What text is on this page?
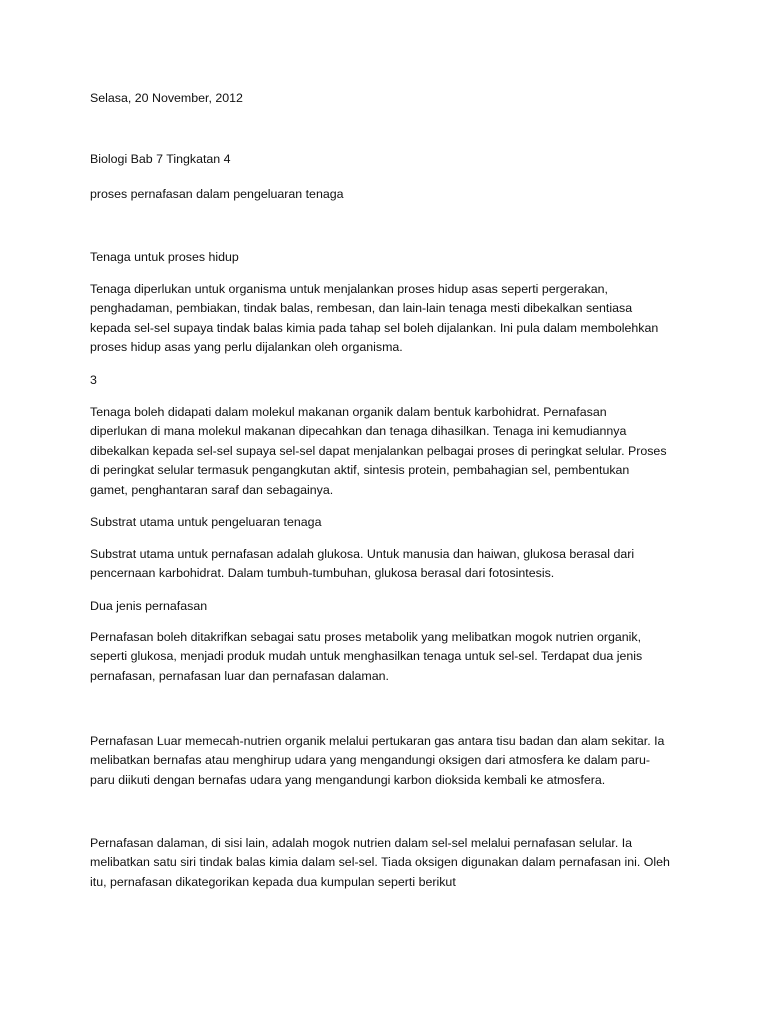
Selasa, 20 November, 2012

Biologi Bab 7 Tingkatan 4

proses pernafasan dalam pengeluaran tenaga

Tenaga untuk proses hidup

Tenaga diperlukan untuk organisma untuk menjalankan proses hidup asas seperti pergerakan,
penghadaman, pembiakan, tindak balas, rembesan, dan lain-lain tenaga mesti dibekalkan sentiasa
kepada sel-sel supaya tindak balas kimia pada tahap sel boleh dijalankan. Ini pula dalam membolehkan
proses hidup asas yang perlu dijalankan oleh organisma.

3

Tenaga boleh didapati dalam molekul makanan organik dalam bentuk karbohidrat. Pernafasan
diperlukan di mana molekul makanan dipecahkan dan tenaga dihasilkan. Tenaga ini kemudiannya
dibekalkan kepada sel-sel supaya sel-sel dapat menjalankan pelbagai proses di peringkat selular. Proses
di peringkat selular termasuk pengangkutan aktif, sintesis protein, pembahagian sel, pembentukan
gamet, penghantaran saraf dan sebagainya.

Substrat utama untuk pengeluaran tenaga

Substrat utama untuk pernafasan adalah glukosa. Untuk manusia dan haiwan, glukosa berasal dari
pencernaan karbohidrat. Dalam tumbuh-tumbuhan, glukosa berasal dari fotosintesis.

Dua jenis pernafasan

Pernafasan boleh ditakrifkan sebagai satu proses metabolik yang melibatkan mogok nutrien organik,
seperti glukosa, menjadi produk mudah untuk menghasilkan tenaga untuk sel-sel. Terdapat dua jenis
pernafasan, pernafasan luar dan pernafasan dalaman.

Pernafasan Luar memecah-nutrien organik melalui pertukaran gas antara tisu badan dan alam sekitar. Ia
melibatkan bernafas atau menghirup udara yang mengandungi oksigen dari atmosfera ke dalam paru-
paru diikuti dengan bernafas udara yang mengandungi karbon dioksida kembali ke atmosfera.

Pernafasan dalaman, di sisi lain, adalah mogok nutrien dalam sel-sel melalui pernafasan selular. Ia
melibatkan satu siri tindak balas kimia dalam sel-sel. Tiada oksigen digunakan dalam pernafasan ini. Oleh
itu, pernafasan dikategorikan kepada dua kumpulan seperti berikut
